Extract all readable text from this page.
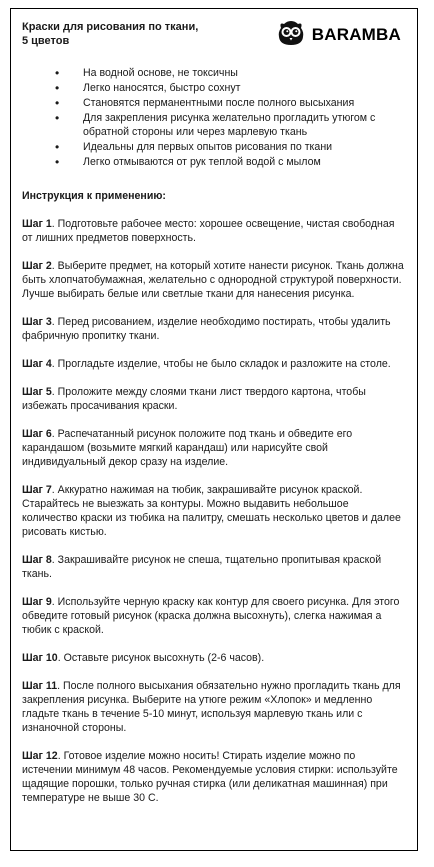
Краски для рисования по ткани,
5 цветов	BARAMBA
• На водной основе, не токсичны
• Легко наносятся, быстро сохнут
• Становятся перманентными после полного высыхания
• Для закрепления рисунка желательно прогладить утюгом с обратной стороны или через марлевую ткань
• Идеальны для первых опытов рисования по ткани
• Легко отмываются от рук теплой водой с мылом
Инструкция к применению:

Шаг 1. Подготовьте рабочее место: хорошее освещение, чистая свободная от лишних предметов поверхность.

Шаг 2. Выберите предмет, на который хотите нанести рисунок. Ткань должна быть хлопчатобумажная, желательно с однородной структурой поверхности. Лучше выбирать белые или светлые ткани для нанесения рисунка.

Шаг 3. Перед рисованием, изделие необходимо постирать, чтобы удалить фабричную пропитку ткани.

Шаг 4. Прогладьте изделие, чтобы не было складок и разложите на столе.

Шаг 5. Проложите между слоями ткани лист твердого картона, чтобы избежать просачивания краски.

Шаг 6. Распечатанный рисунок положите под ткань и обведите его карандашом (возьмите мягкий карандаш) или нарисуйте свой индивидуальный декор сразу на изделие.

Шаг 7. Аккуратно нажимая на тюбик, закрашивайте рисунок краской. Старайтесь не выезжать за контуры. Можно выдавить небольшое количество краски из тюбика на палитру, смешать несколько цветов и далее рисовать кистью.

Шаг 8. Закрашивайте рисунок не спеша, тщательно пропитывая краской ткань.

Шаг 9. Используйте черную краску как контур для своего рисунка. Для этого обведите готовый рисунок (краска должна высохнуть), слегка нажимая а тюбик с краской.

Шаг 10. Оставьте рисунок высохнуть (2-6 часов).

Шаг 11. После полного высыхания обязательно нужно прогладить ткань для закрепления рисунка. Выберите на утюге режим «Хлопок» и медленно гладьте ткань в течение 5-10 минут, используя марлевую ткань или с изнаночной стороны.

Шаг 12. Готовое изделие можно носить! Стирать изделие можно по истечении минимум 48 часов. Рекомендуемые условия стирки: используйте щадящие порошки, только ручная стирка (или деликатная машинная) при температуре не выше 30 С.
